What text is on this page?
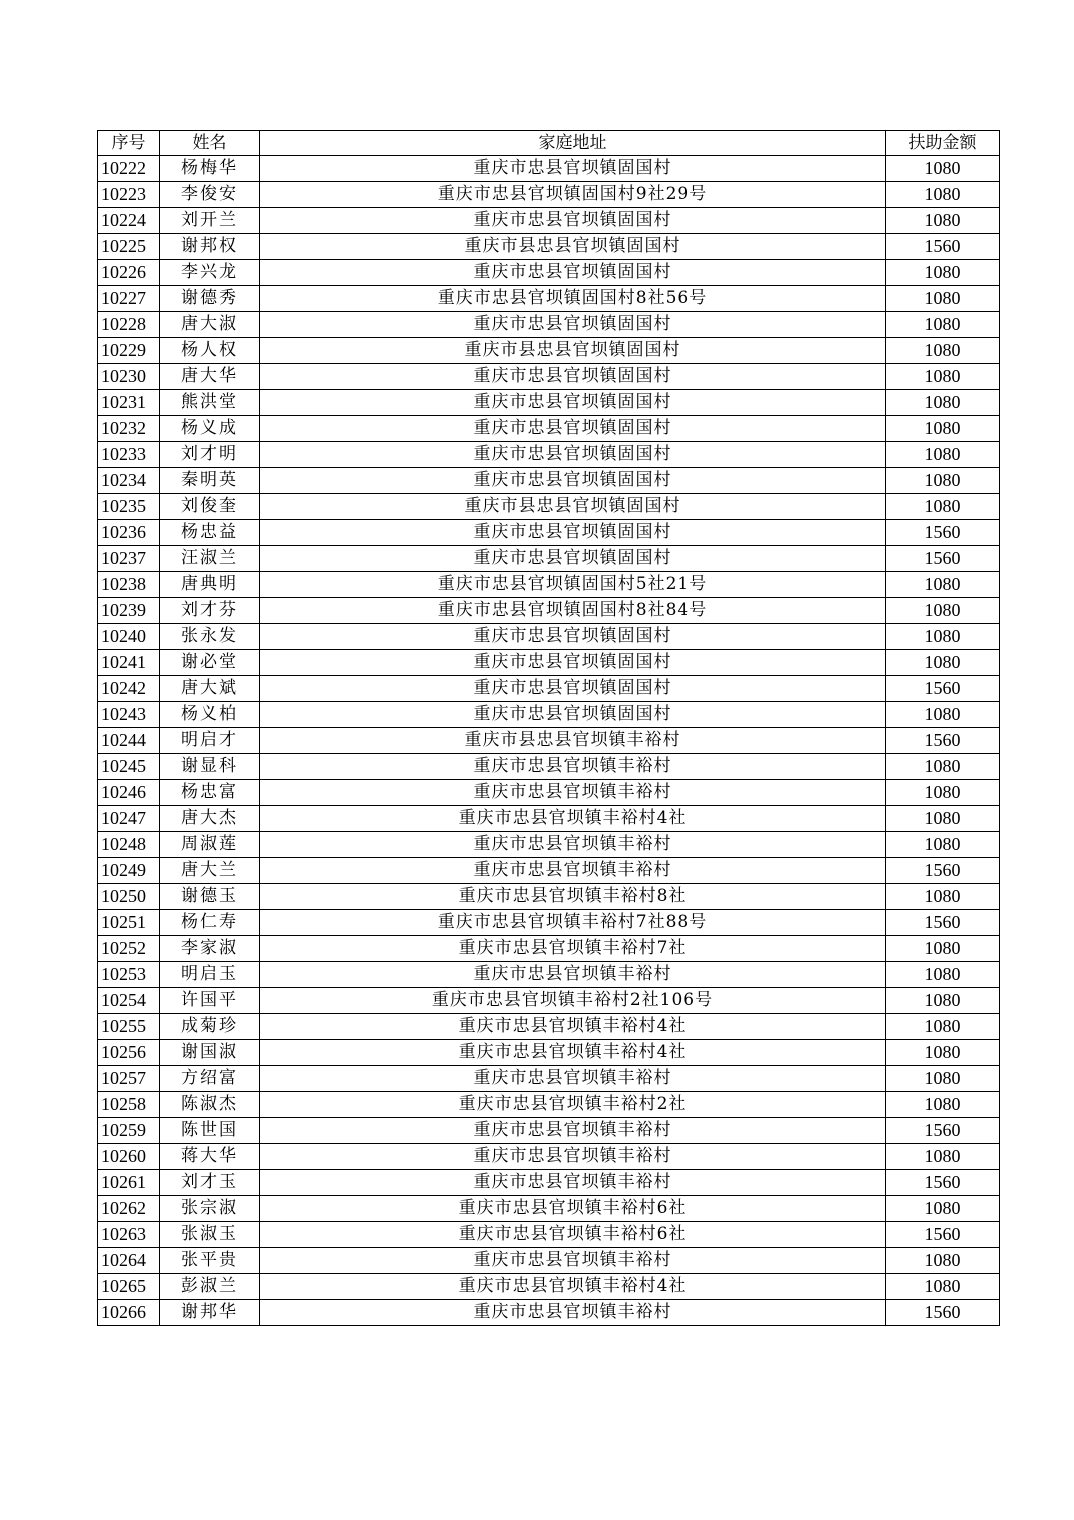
序号	姓名	家庭地址	扶助金额
10222	杨梅华	重庆市忠县官坝镇固国村	1080
10223	李俊安	重庆市忠县官坝镇固国村9社29号	1080
10224	刘开兰	重庆市忠县官坝镇固国村	1080
10225	谢邦权	重庆市县忠县官坝镇固国村	1560
10226	李兴龙	重庆市忠县官坝镇固国村	1080
10227	谢德秀	重庆市忠县官坝镇固国村8社56号	1080
10228	唐大淑	重庆市忠县官坝镇固国村	1080
10229	杨人权	重庆市县忠县官坝镇固国村	1080
10230	唐大华	重庆市忠县官坝镇固国村	1080
10231	熊洪堂	重庆市忠县官坝镇固国村	1080
10232	杨义成	重庆市忠县官坝镇固国村	1080
10233	刘才明	重庆市忠县官坝镇固国村	1080
10234	秦明英	重庆市忠县官坝镇固国村	1080
10235	刘俊奎	重庆市县忠县官坝镇固国村	1080
10236	杨忠益	重庆市忠县官坝镇固国村	1560
10237	汪淑兰	重庆市忠县官坝镇固国村	1560
10238	唐典明	重庆市忠县官坝镇固国村5社21号	1080
10239	刘才芬	重庆市忠县官坝镇固国村8社84号	1080
10240	张永发	重庆市忠县官坝镇固国村	1080
10241	谢必堂	重庆市忠县官坝镇固国村	1080
10242	唐大斌	重庆市忠县官坝镇固国村	1560
10243	杨义柏	重庆市忠县官坝镇固国村	1080
10244	明启才	重庆市县忠县官坝镇丰裕村	1560
10245	谢显科	重庆市忠县官坝镇丰裕村	1080
10246	杨忠富	重庆市忠县官坝镇丰裕村	1080
10247	唐大杰	重庆市忠县官坝镇丰裕村4社	1080
10248	周淑莲	重庆市忠县官坝镇丰裕村	1080
10249	唐大兰	重庆市忠县官坝镇丰裕村	1560
10250	谢德玉	重庆市忠县官坝镇丰裕村8社	1080
10251	杨仁寿	重庆市忠县官坝镇丰裕村7社88号	1560
10252	李家淑	重庆市忠县官坝镇丰裕村7社	1080
10253	明启玉	重庆市忠县官坝镇丰裕村	1080
10254	许国平	重庆市忠县官坝镇丰裕村2社106号	1080
10255	成菊珍	重庆市忠县官坝镇丰裕村4社	1080
10256	谢国淑	重庆市忠县官坝镇丰裕村4社	1080
10257	方绍富	重庆市忠县官坝镇丰裕村	1080
10258	陈淑杰	重庆市忠县官坝镇丰裕村2社	1080
10259	陈世国	重庆市忠县官坝镇丰裕村	1560
10260	蒋大华	重庆市忠县官坝镇丰裕村	1080
10261	刘才玉	重庆市忠县官坝镇丰裕村	1560
10262	张宗淑	重庆市忠县官坝镇丰裕村6社	1080
10263	张淑玉	重庆市忠县官坝镇丰裕村6社	1560
10264	张平贵	重庆市忠县官坝镇丰裕村	1080
10265	彭淑兰	重庆市忠县官坝镇丰裕村4社	1080
10266	谢邦华	重庆市忠县官坝镇丰裕村	1560
